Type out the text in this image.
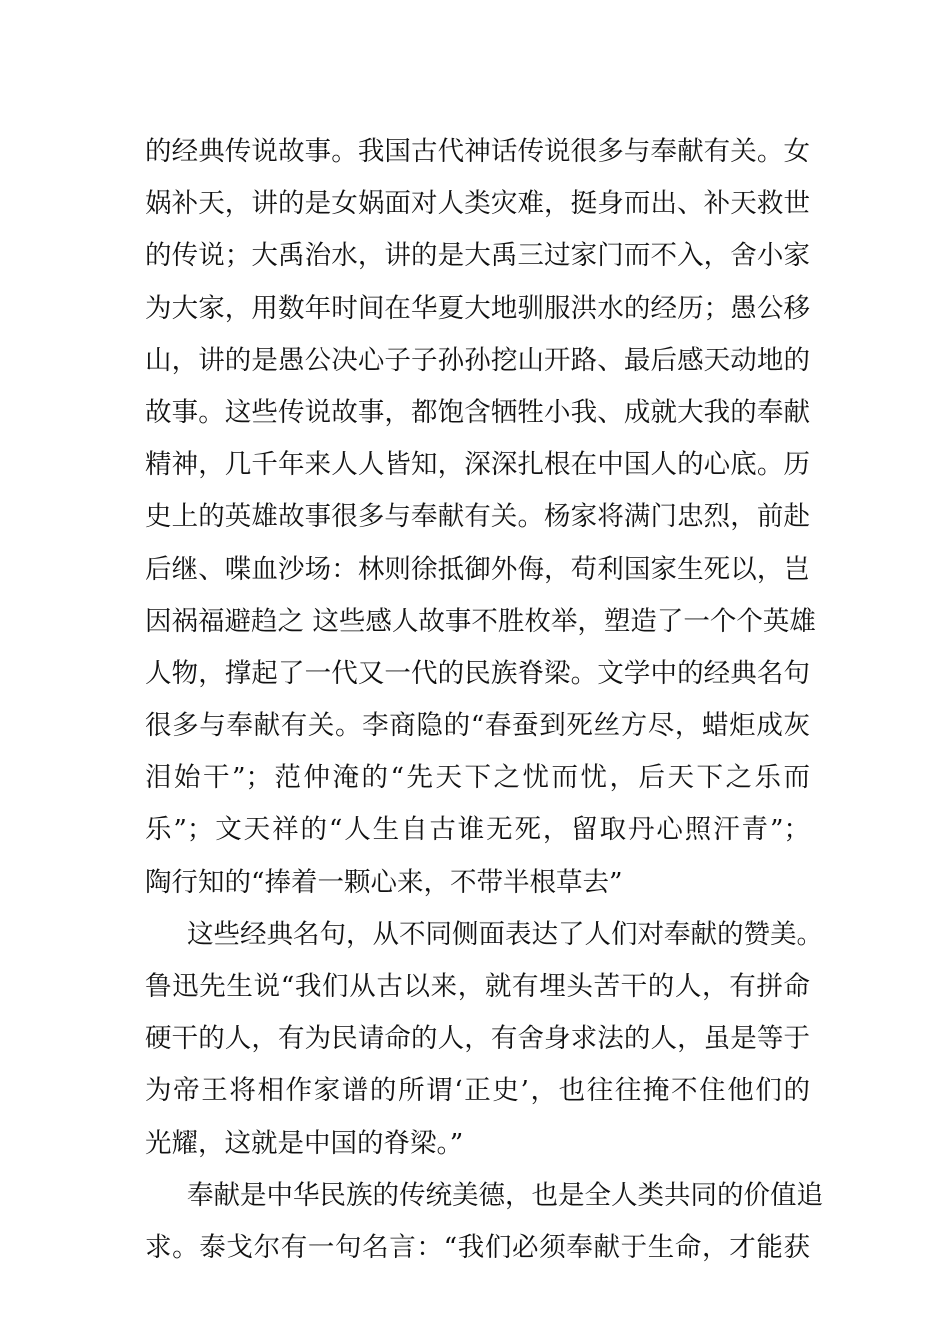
的经典传说故事。我国古代神话传说很多与奉献有关。女
娲补天，讲的是女娲面对人类灾难，挺身而出、补天救世
的传说；大禹治水，讲的是大禹三过家门而不入，舍小家
为大家，用数年时间在华夏大地驯服洪水的经历；愚公移
山，讲的是愚公决心子子孙孙挖山开路、最后感天动地的
故事。这些传说故事，都饱含牺牲小我、成就大我的奉献
精神，几千年来人人皆知，深深扎根在中国人的心底。历
史上的英雄故事很多与奉献有关。杨家将满门忠烈，前赴
后继、喋血沙场：林则徐抵御外侮，苟利国家生死以，岂
因祸福避趋之 这些感人故事不胜枚举，塑造了一个个英雄
人物，撑起了一代又一代的民族脊梁。文学中的经典名句
很多与奉献有关。李商隐的“春蚕到死丝方尽，蜡炬成灰
泪始干”；范仲淹的“先天下之忧而忧，后天下之乐而
乐”；文天祥的“人生自古谁无死，留取丹心照汗青”；
陶行知的“捧着一颗心来，不带半根草去”
这些经典名句，从不同侧面表达了人们对奉献的赞美。
鲁迅先生说“我们从古以来，就有埋头苦干的人，有拼命
硬干的人，有为民请命的人，有舍身求法的人，虽是等于
为帝王将相作家谱的所谓‘正史’，也往往掩不住他们的
光耀，这就是中国的脊梁。”
奉献是中华民族的传统美德，也是全人类共同的价值追
求。泰戈尔有一句名言：“我们必须奉献于生命，才能获
